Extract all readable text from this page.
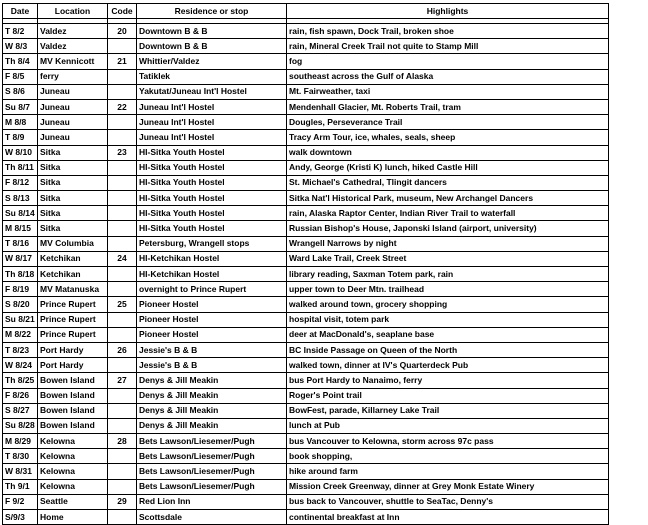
Date	Location	Code	Residence or stop	Highlights	

T 8/2	Valdez	20	Downtown B & B	rain, fish spawn, Dock Trail, broken shoe	
W 8/3	Valdez		Downtown B & B	rain, Mineral Creek Trail not quite to Stamp Mill	
Th 8/4	MV Kennicott	21	Whittier/Valdez	fog	
F 8/5	ferry		Tatiklek	southeast across the Gulf of Alaska	
S 8/6	Juneau		Yakutat/Juneau Int'l Hostel	Mt. Fairweather, taxi	
Su 8/7	Juneau	22	Juneau Int'l Hostel	Mendenhall Glacier, Mt. Roberts Trail, tram	
M 8/8	Juneau		Juneau Int'l Hostel	Dougles, Perseverance Trail	
T 8/9	Juneau		Juneau Int'l Hostel	Tracy Arm Tour, ice, whales, seals, sheep	
W 8/10	Sitka	23	HI-Sitka Youth Hostel	walk downtown	
Th 8/11	Sitka		HI-Sitka Youth Hostel	Andy, George (Kristi K) lunch, hiked Castle Hill	
F 8/12	Sitka		HI-Sitka Youth Hostel	St. Michael's Cathedral, Tlingit dancers	
S 8/13	Sitka		HI-Sitka Youth Hostel	Sitka Nat'l Historical Park, museum, New Archangel Dancers	
Su 8/14	Sitka		HI-Sitka Youth Hostel	rain, Alaska Raptor Center, Indian River Trail to waterfall	
M 8/15	Sitka		HI-Sitka Youth Hostel	Russian Bishop's House, Japonski Island (airport, university)	
T 8/16	MV Columbia		Petersburg, Wrangell stops	Wrangell Narrows by night	
W 8/17	Ketchikan	24	HI-Ketchikan Hostel	Ward Lake Trail, Creek Street	
Th 8/18	Ketchikan		HI-Ketchikan Hostel	library reading, Saxman Totem park, rain	
F 8/19	MV Matanuska		overnight to Prince Rupert	upper town to Deer Mtn. trailhead	
S 8/20	Prince Rupert	25	Pioneer Hostel	walked around town, grocery shopping	
Su 8/21	Prince Rupert		Pioneer Hostel	hospital visit, totem park	
M 8/22	Prince Rupert		Pioneer Hostel	deer at MacDonald's, seaplane base	
T 8/23	Port Hardy	26	Jessie's B & B	BC Inside Passage on Queen of the North	
W 8/24	Port Hardy		Jessie's B & B	walked town, dinner at IV's Quarterdeck Pub	
Th 8/25	Bowen Island	27	Denys & Jill Meakin	bus Port Hardy to Nanaimo, ferry	
F 8/26	Bowen Island		Denys & Jill Meakin	Roger's Point trail	
S 8/27	Bowen Island		Denys & Jill Meakin	BowFest, parade, Killarney Lake Trail	
Su 8/28	Bowen Island		Denys & Jill Meakin	lunch at Pub	
M 8/29	Kelowna	28	Bets Lawson/Liesemer/Pugh	bus Vancouver to Kelowna, storm across 97c pass	
T 8/30	Kelowna		Bets Lawson/Liesemer/Pugh	book shopping,	
W 8/31	Kelowna		Bets Lawson/Liesemer/Pugh	hike around farm	
Th 9/1	Kelowna		Bets Lawson/Liesemer/Pugh	Mission Creek Greenway, dinner at Grey Monk Estate Winery	
F 9/2	Seattle	29	Red Lion Inn	bus back to Vancouver, shuttle to SeaTac, Denny's	
S/9/3	Home		Scottsdale	continental breakfast at Inn	
